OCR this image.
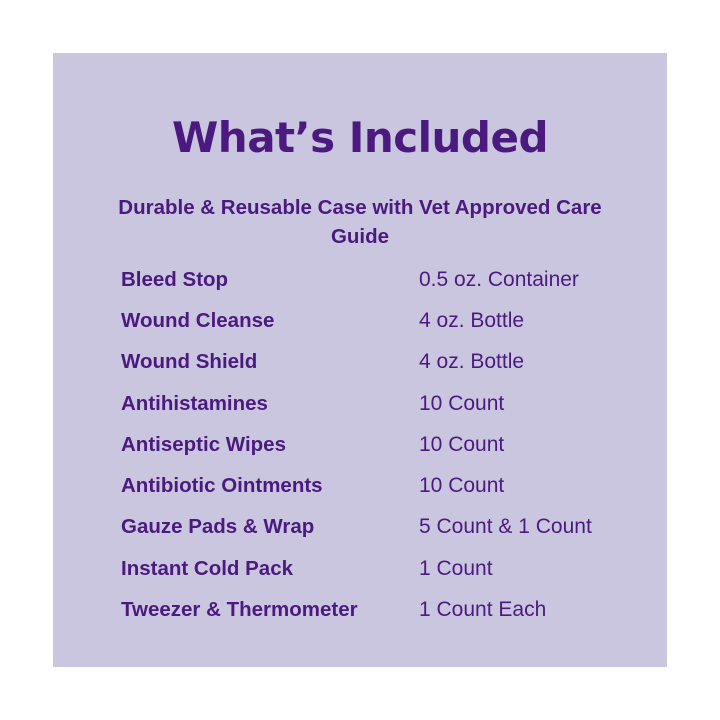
What’s Included

Durable & Reusable Case with Vet Approved Care Guide

Bleed Stop	0.5 oz. Container
Wound Cleanse	4 oz. Bottle
Wound Shield	4 oz. Bottle
Antihistamines	10 Count
Antiseptic Wipes	10 Count
Antibiotic Ointments	10 Count
Gauze Pads & Wrap	5 Count & 1 Count
Instant Cold Pack	1 Count
Tweezer & Thermometer	1 Count Each
